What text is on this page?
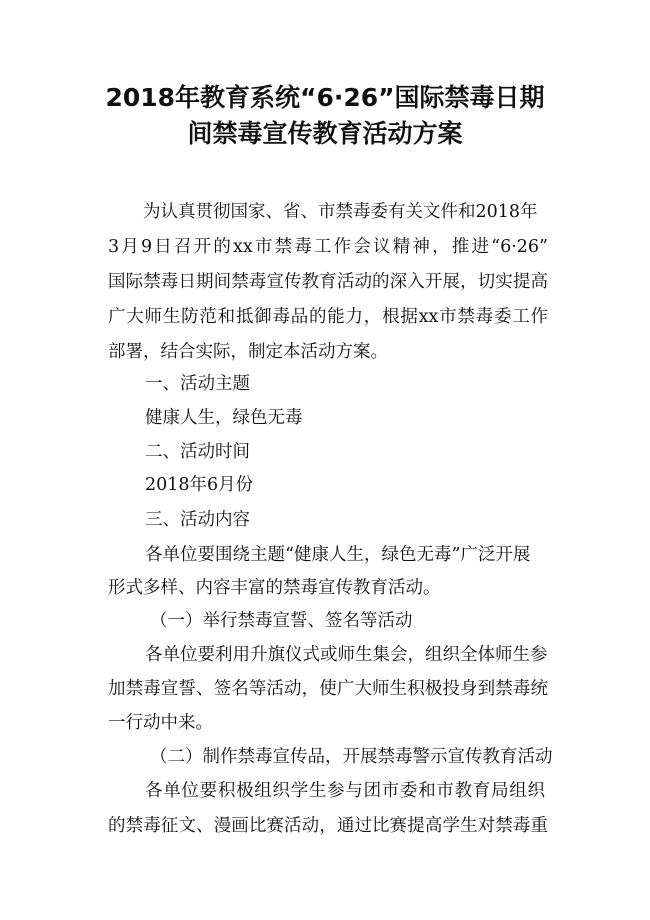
2018年教育系统“6·26”国际禁毒日期
间禁毒宣传教育活动方案

为认真贯彻国家、省、市禁毒委有关文件和2018年

3月9日召开的xx市禁毒工作会议精神，推进“6·26”

国际禁毒日期间禁毒宣传教育活动的深入开展，切实提高

广大师生防范和抵御毒品的能力，根据xx市禁毒委工作

部署，结合实际，制定本活动方案。

一、活动主题

健康人生，绿色无毒

二、活动时间

2018年6月份

三、活动内容

各单位要围绕主题“健康人生，绿色无毒”广泛开展

形式多样、内容丰富的禁毒宣传教育活动。

（一）举行禁毒宣誓、签名等活动

各单位要利用升旗仪式或师生集会，组织全体师生参

加禁毒宣誓、签名等活动，使广大师生积极投身到禁毒统

一行动中来。

（二）制作禁毒宣传品，开展禁毒警示宣传教育活动

各单位要积极组织学生参与团市委和市教育局组织

的禁毒征文、漫画比赛活动，通过比赛提高学生对禁毒重
